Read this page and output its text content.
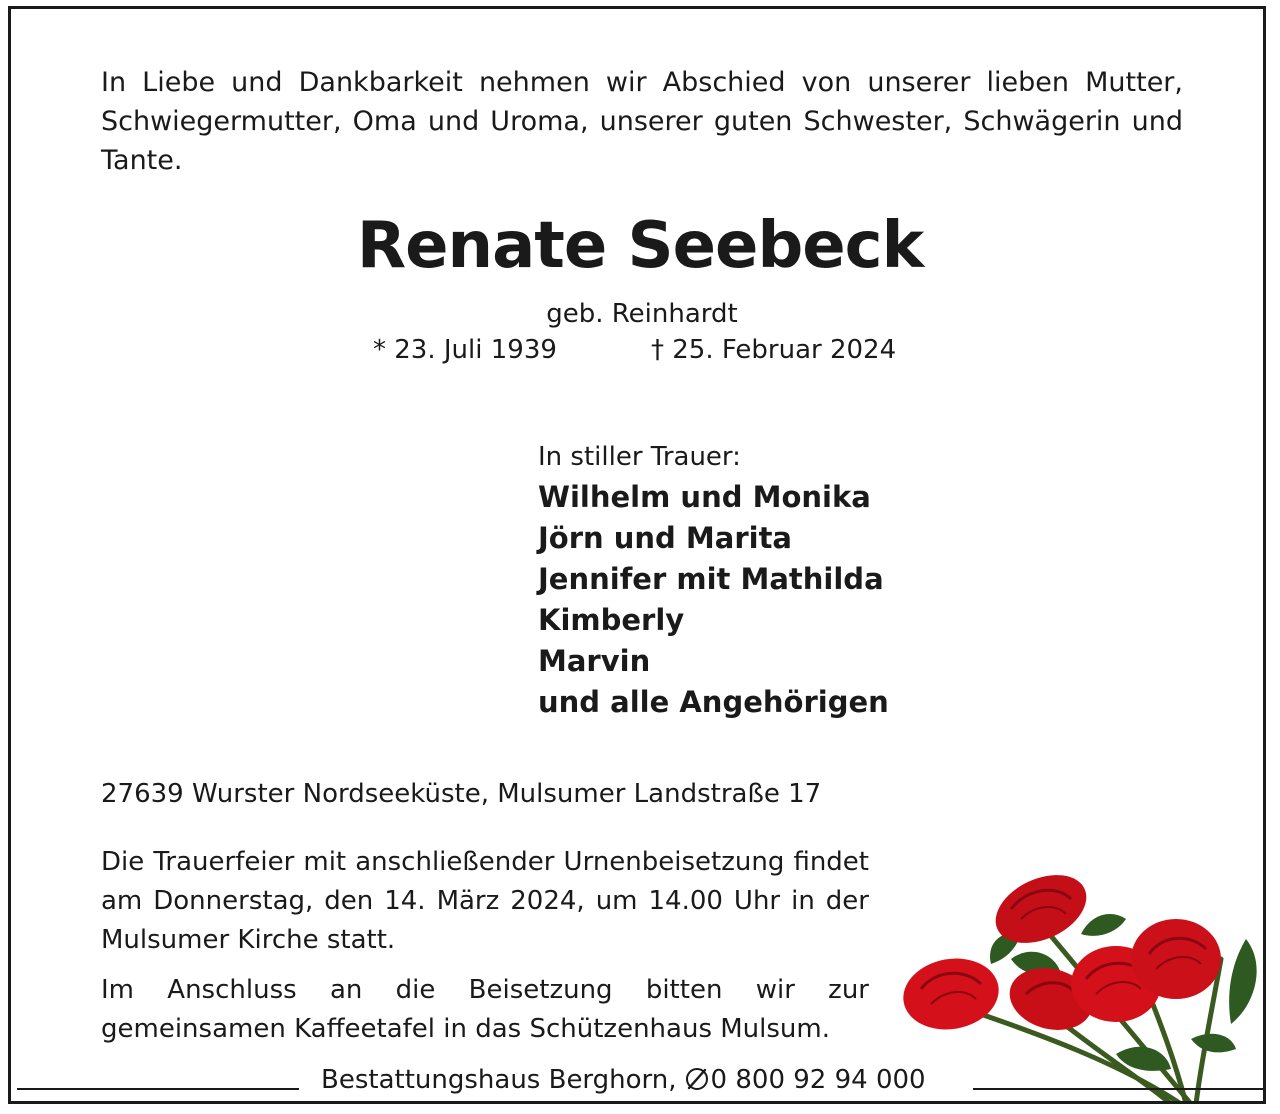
In Liebe und Dankbarkeit nehmen wir Abschied von unserer lieben Mutter, Schwiegermutter, Oma und Uroma, unserer guten Schwester, Schwägerin und Tante.
Renate Seebeck
geb. Reinhardt
* 23. Juli 1939	† 25. Februar 2024
In stiller Trauer:
Wilhelm und Monika
Jörn und Marita
Jennifer mit Mathilda
Kimberly
Marvin
und alle Angehörigen
27639 Wurster Nordseeküste, Mulsumer Landstraße 17
Die Trauerfeier mit anschließender Urnenbeisetzung findet am Donnerstag, den 14. März 2024, um 14.00 Uhr in der Mulsumer Kirche statt.
Im Anschluss an die Beisetzung bitten wir zur gemeinsamen Kaffeetafel in das Schützenhaus Mulsum.
Bestattungshaus Berghorn, 0 800 92 94 000
